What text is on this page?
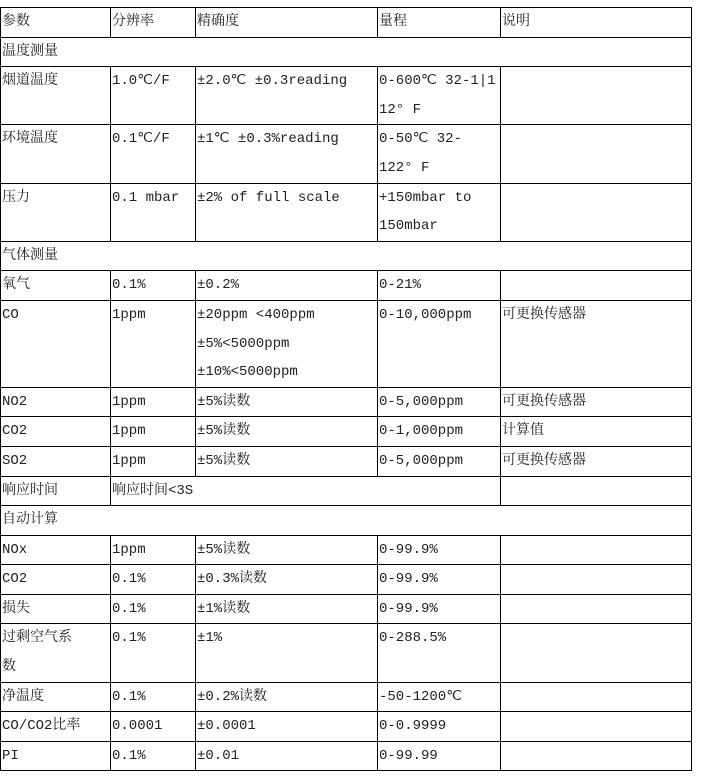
参数	分辨率	精确度	量程	说明
温度测量				

烟道温度	1.0℃/F	±2.0℃ ±0.3reading	0-600℃ 32-1|1
12° F	

环境温度	0.1℃/F	±1℃ ±0.3%reading	0-50℃ 32-
122° F	

压力	0.1 mbar	±2% of full scale	+150mbar to
150mbar	

气体测量				

氧气	0.1%	±0.2%	0-21%	

CO	1ppm	±20ppm <400ppm
±5%<5000ppm
±10%<5000ppm	0-10,000ppm	可更换传感器

NO2	1ppm	±5%读数	0-5,000ppm	可更换传感器

CO2	1ppm	±5%读数	0-1,000ppm	计算值

SO2	1ppm	±5%读数	0-5,000ppm	可更换传感器

响应时间	响应时间<3S			
自动计算				

NOx	1ppm	±5%读数	0-99.9%	

CO2	0.1%	±0.3%读数	0-99.9%	

损失	0.1%	±1%读数	0-99.9%	

过剩空气系
数	0.1%	±1%	0-288.5%	

净温度	0.1%	±0.2%读数	-50-1200℃	

CO/CO2比率	0.0001	±0.0001	0-0.9999	

PI	0.1%	±0.01	0-99.99	
